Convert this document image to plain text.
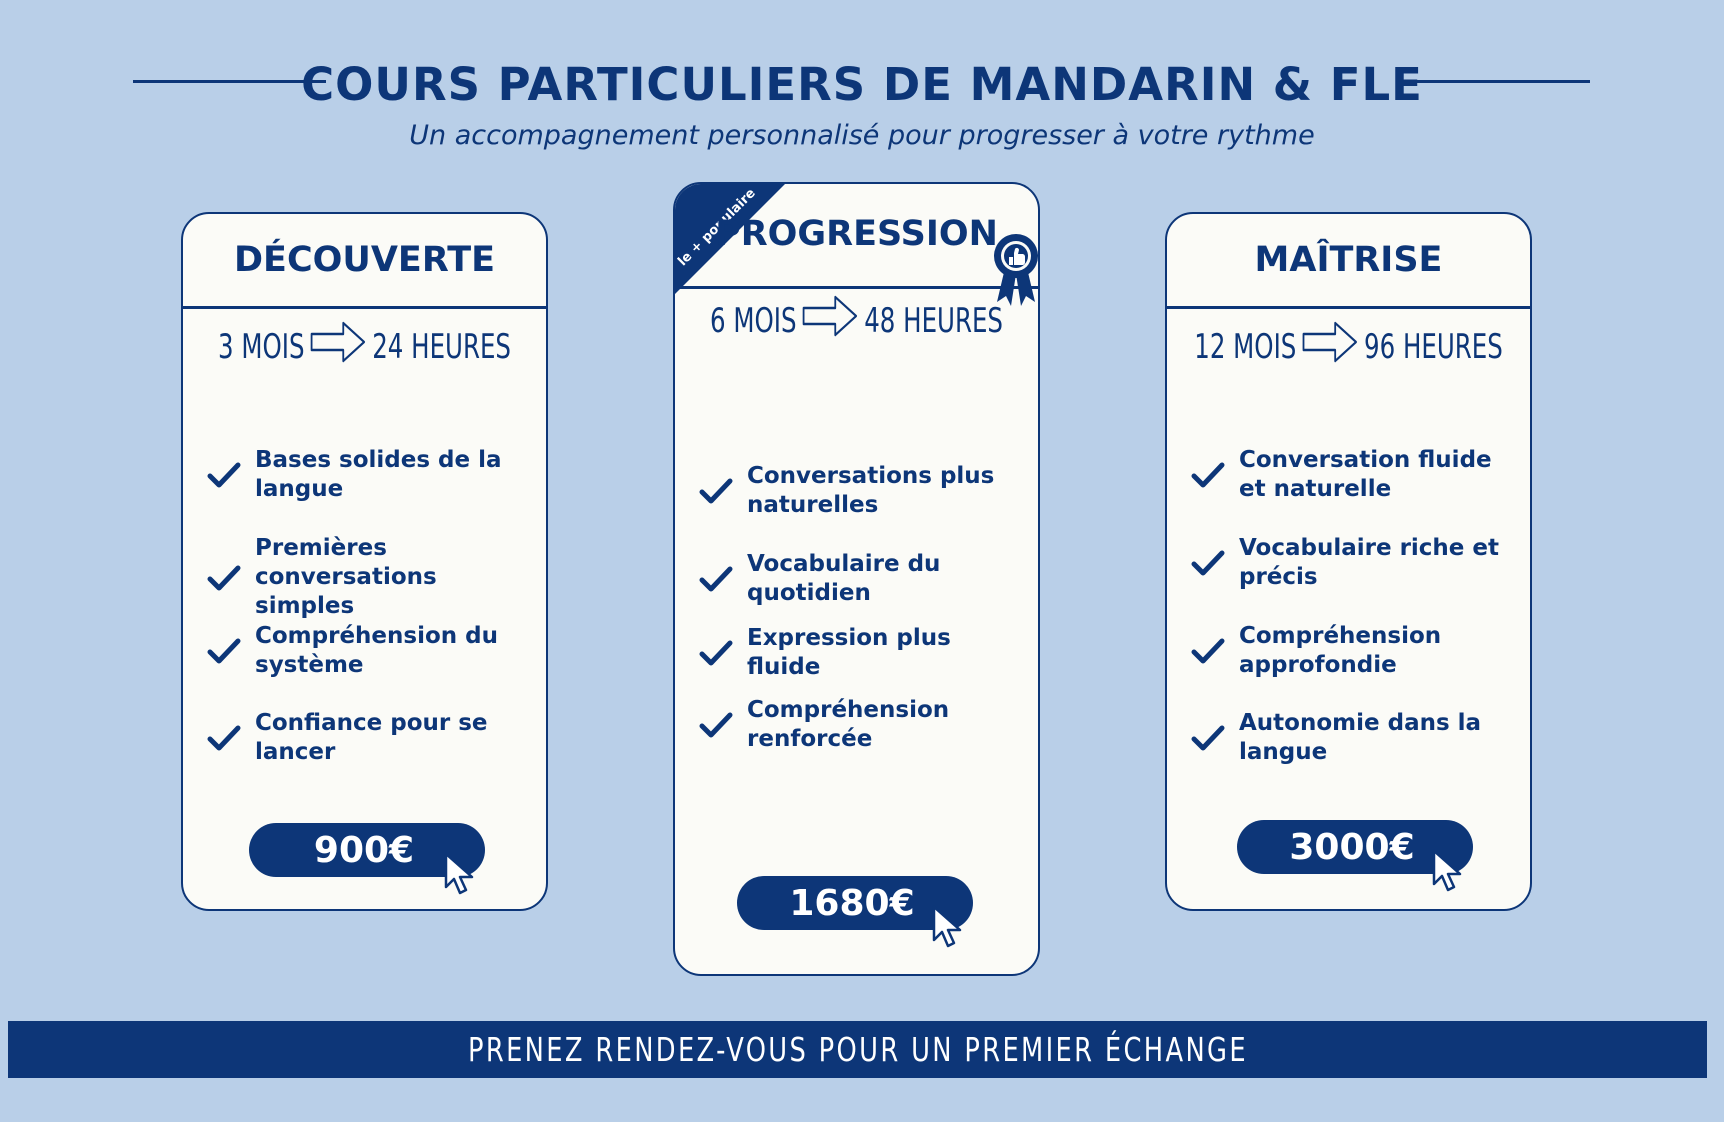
COURS PARTICULIERS DE MANDARIN & FLE

Un accompagnement personnalisé pour progresser à votre rythme

DÉCOUVERTE
3 MOIS 24 HEURES
Bases solides de la langue
Premières conversations simples
Compréhension du système
Confiance pour se lancer
900€
le + populaire
PROGRESSION
6 MOIS 48 HEURES
Conversations plus naturelles
Vocabulaire du quotidien
Expression plus fluide
Compréhension renforcée
1680€
MAÎTRISE
12 MOIS 96 HEURES
Conversation fluide et naturelle
Vocabulaire riche et précis
Compréhension approfondie
Autonomie dans la langue
3000€
PRENEZ RENDEZ-VOUS POUR UN PREMIER ÉCHANGE
